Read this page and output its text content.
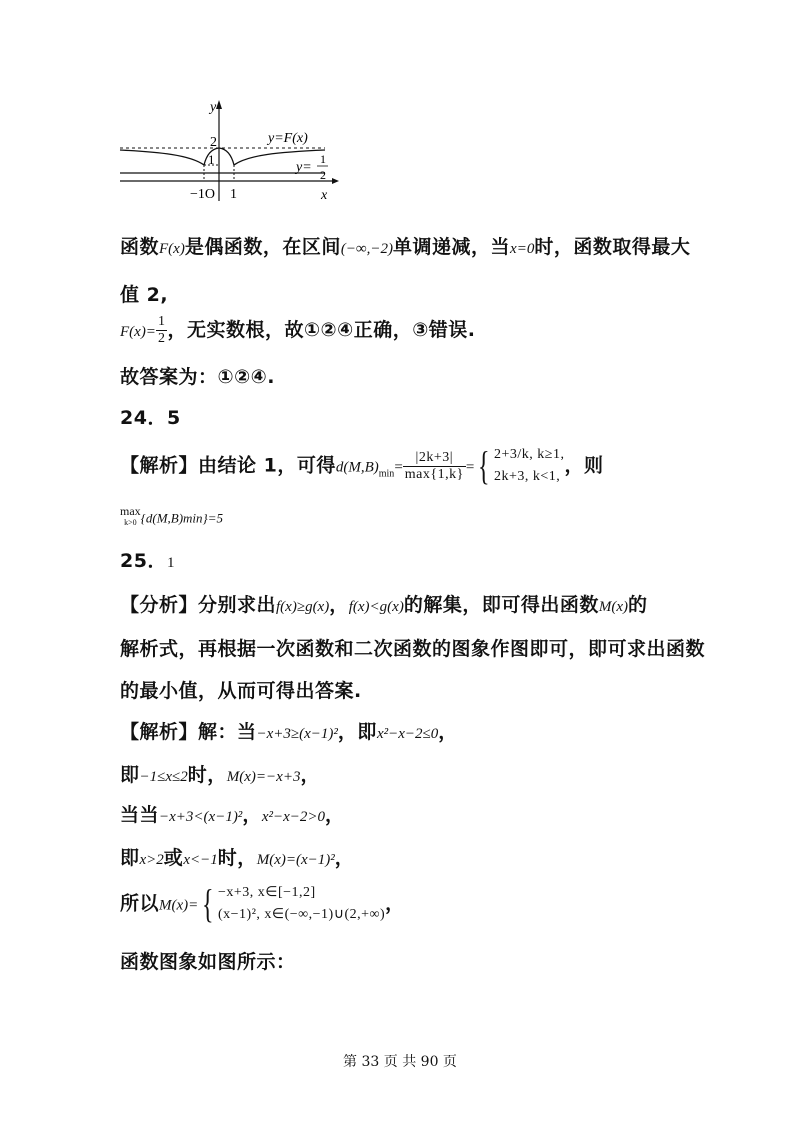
y
2
1
y=F(x)
y=
1
2
−1O 1	x
函数F(x)是偶函数，在区间(−∞,−2)单调递减，当x=0时，函数取得最大
值 2,
$F(x)= \frac{1}{2}$ ，无实数根，故①②④正确，③错误.
故答案为：①②④.
24．5
【解析】由结论 1，可得$d(M,B)_{min}= \frac{|2k+3|}{\max\{1,k\}}$ ={ 2+3/k, k≥1,
2k+3, k<1, ，则
max
k>0 {d(M,B)min}=5
25．1
【分析】分别求出f(x)≥g(x)，f(x)<g(x)的解集，即可得出函数M(x)的
解析式，再根据一次函数和二次函数的图象作图即可，即可求出函数
的最小值，从而可得出答案.
【解析】解：当−x+3≥(x−1)²，即x²−x−2≤0，
即−1≤x≤2时，M(x)=−x+3，
当当−x+3<(x−1)²，x²−x−2>0，
即x>2或x<−1时，M(x)=(x−1)²，
所以M(x)={ −x+3, x∈[−1,2]
(x−1)², x∈(−∞,−1)∪(2,+∞) ，
函数图象如图所示：
第 33 页 共 90 页
